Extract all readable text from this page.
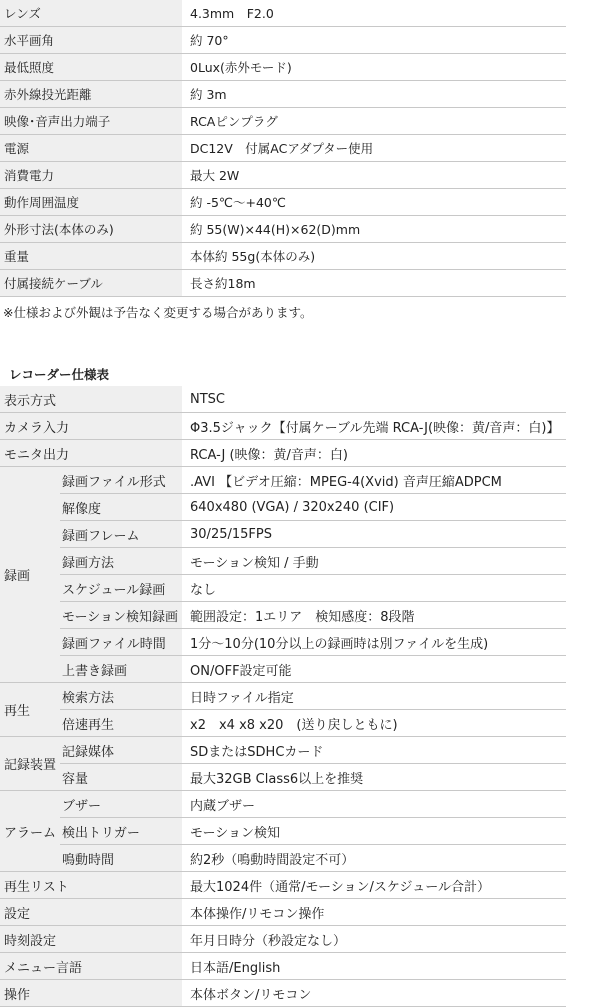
レンズ	4.3mm　F2.0
水平画角	約 70°
最低照度	0Lux(赤外モード)
赤外線投光距離	約 3m
映像･音声出力端子	RCAピンプラグ
電源	DC12V　付属ACアダプター使用
消費電力	最大 2W
動作周囲温度	約 -5℃～+40℃
外形寸法(本体のみ)	約 55(W)×44(H)×62(D)mm
重量	本体約 55g(本体のみ)
付属接続ケーブル	長さ約18m
※仕様および外観は予告なく変更する場合があります。
レコーダー仕様表
表示方式		NTSC
カメラ入力		Φ3.5ジャック【付属ケーブル先端 RCA-J(映像：黄/音声：白)】
モニタ出力		RCA-J (映像：黄/音声：白)
録画	録画ファイル形式	.AVI 【ビデオ圧縮：MPEG-4(Xvid) 音声圧縮ADPCM
	解像度	640x480 (VGA) / 320x240 (CIF)
	録画フレーム	30/25/15FPS
	録画方法	モーション検知 / 手動
	スケジュール録画	なし
	モーション検知録画	範囲設定：1エリア　検知感度：8段階
	録画ファイル時間	1分～10分(10分以上の録画時は別ファイルを生成)
	上書き録画	ON/OFF設定可能
再生	検索方法	日時ファイル指定
	倍速再生	x2　x4 x8 x20　(送り戻しともに)
記録装置	記録媒体	SDまたはSDHCカード
	容量	最大32GB Class6以上を推奨
アラーム	ブザー	内蔵ブザー
	検出トリガー	モーション検知
	鳴動時間	約2秒（鳴動時間設定不可）
再生リスト		最大1024件（通常/モーション/スケジュール合計）
設定		本体操作/リモコン操作
時刻設定		年月日時分（秒設定なし）
メニュー言語		日本語/English
操作		本体ボタン/リモコン
